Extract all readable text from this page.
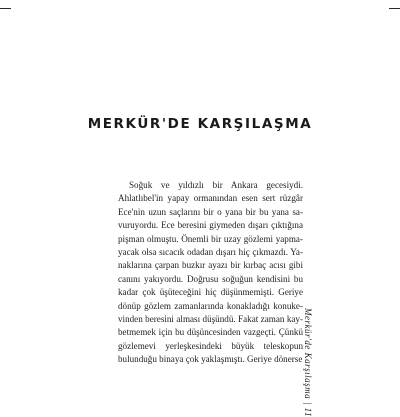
MERKÜR'DE KARŞILAŞMA
Soğuk ve yıldızlı bir Ankara gecesiydi.
Ahlatlıbel'in yapay ormanından esen sert rüzgâr
Ece'nin uzun saçlarını bir o yana bir bu yana sa-
vuruyordu. Ece beresini giymeden dışarı çıktığına
pişman olmuştu. Önemli bir uzay gözlemi yapma-
yacak olsa sıcacık odadan dışarı hiç çıkmazdı. Ya-
naklarına çarpan buzkır ayazı bir kırbaç acısı gibi
canını yakıyordu. Doğrusu soğuğun kendisini bu
kadar çok üşüteceğini hiç düşünmemişti. Geriye
dönüp gözlem zamanlarında konakladığı konuke-
vinden beresini alması düşündü. Fakat zaman kay-
betmemek için bu düşüncesinden vazgeçti. Çünkü
gözlemevi yerleşkesindeki büyük teleskopun
bulunduğu binaya çok yaklaşmıştı. Geriye dönerse Merkür'de Karşılaşma | 11
